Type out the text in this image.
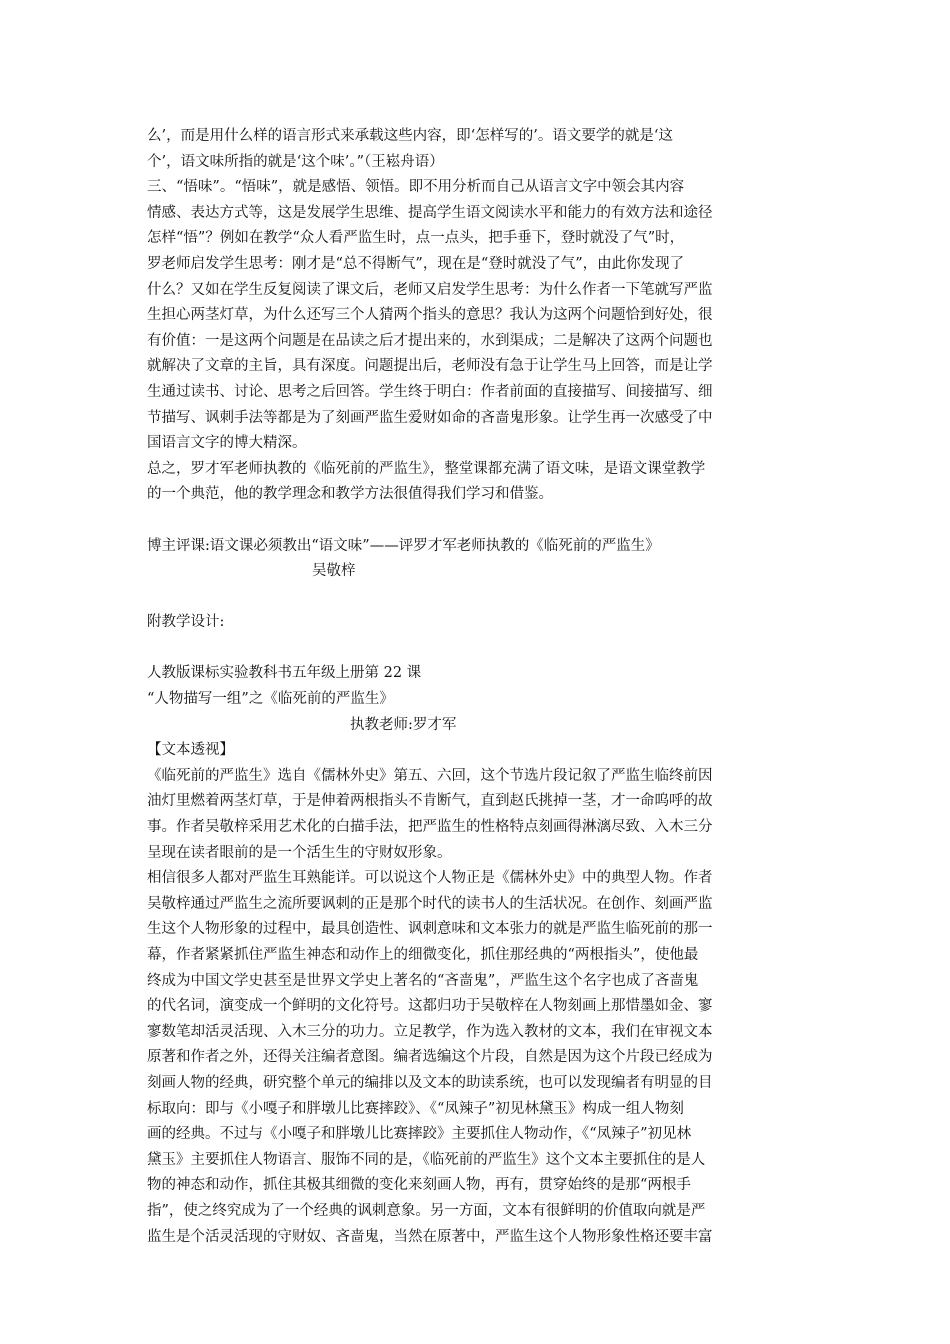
么’，而是用什么样的语言形式来承载这些内容，即‘怎样写的’。语文要学的就是‘这

个’，语文味所指的就是‘这个味’。”（王崧舟语）

三、“悟味”。“悟味”，就是感悟、领悟。即不用分析而自己从语言文字中领会其内容

情感、表达方式等，这是发展学生思维、提高学生语文阅读水平和能力的有效方法和途径

怎样“悟”？例如在教学“众人看严监生时，点一点头，把手垂下，登时就没了气”时，

罗老师启发学生思考：刚才是“总不得断气”，现在是“登时就没了气”，由此你发现了

什么？又如在学生反复阅读了课文后，老师又启发学生思考：为什么作者一下笔就写严监

生担心两茎灯草，为什么还写三个人猜两个指头的意思？我认为这两个问题恰到好处，很

有价值：一是这两个问题是在品读之后才提出来的，水到渠成；二是解决了这两个问题也

就解决了文章的主旨，具有深度。问题提出后，老师没有急于让学生马上回答，而是让学

生通过读书、讨论、思考之后回答。学生终于明白：作者前面的直接描写、间接描写、细

节描写、讽刺手法等都是为了刻画严监生爱财如命的吝啬鬼形象。让学生再一次感受了中

国语言文字的博大精深。

总之，罗才军老师执教的《临死前的严监生》，整堂课都充满了语文味，是语文课堂教学

的一个典范，他的教学理念和教学方法很值得我们学习和借鉴。

博主评课:语文课必须教出“语文味”——评罗才军老师执教的《临死前的严监生》

吴敬梓

附教学设计:

人教版课标实验教科书五年级上册第 22 课

“人物描写一组”之《临死前的严监生》

执教老师:罗才军

【文本透视】

《临死前的严监生》选自《儒林外史》第五、六回，这个节选片段记叙了严监生临终前因

油灯里燃着两茎灯草，于是伸着两根指头不肯断气，直到赵氏挑掉一茎，才一命呜呼的故

事。作者吴敬梓采用艺术化的白描手法，把严监生的性格特点刻画得淋漓尽致、入木三分

呈现在读者眼前的是一个活生生的守财奴形象。

相信很多人都对严监生耳熟能详。可以说这个人物正是《儒林外史》中的典型人物。作者

吴敬梓通过严监生之流所要讽刺的正是那个时代的读书人的生活状况。在创作、刻画严监

生这个人物形象的过程中，最具创造性、讽刺意味和文本张力的就是严监生临死前的那一

幕，作者紧紧抓住严监生神态和动作上的细微变化，抓住那经典的“两根指头”，使他最

终成为中国文学史甚至是世界文学史上著名的“吝啬鬼”，严监生这个名字也成了吝啬鬼

的代名词，演变成一个鲜明的文化符号。这都归功于吴敬梓在人物刻画上那惜墨如金、寥

寥数笔却活灵活现、入木三分的功力。立足教学，作为选入教材的文本，我们在审视文本

原著和作者之外，还得关注编者意图。编者选编这个片段，自然是因为这个片段已经成为

刻画人物的经典，研究整个单元的编排以及文本的助读系统，也可以发现编者有明显的目

标取向：即与《小嘎子和胖墩儿比赛摔跤》、《“凤辣子”初见林黛玉》构成一组人物刻

画的经典。不过与《小嘎子和胖墩儿比赛摔跤》主要抓住人物动作，《“凤辣子”初见林

黛玉》主要抓住人物语言、服饰不同的是，《临死前的严监生》这个文本主要抓住的是人

物的神态和动作，抓住其极其细微的变化来刻画人物，再有，贯穿始终的是那“两根手

指”，使之终究成为了一个经典的讽刺意象。另一方面，文本有很鲜明的价值取向就是严

监生是个活灵活现的守财奴、吝啬鬼，当然在原著中，严监生这个人物形象性格还要丰富
